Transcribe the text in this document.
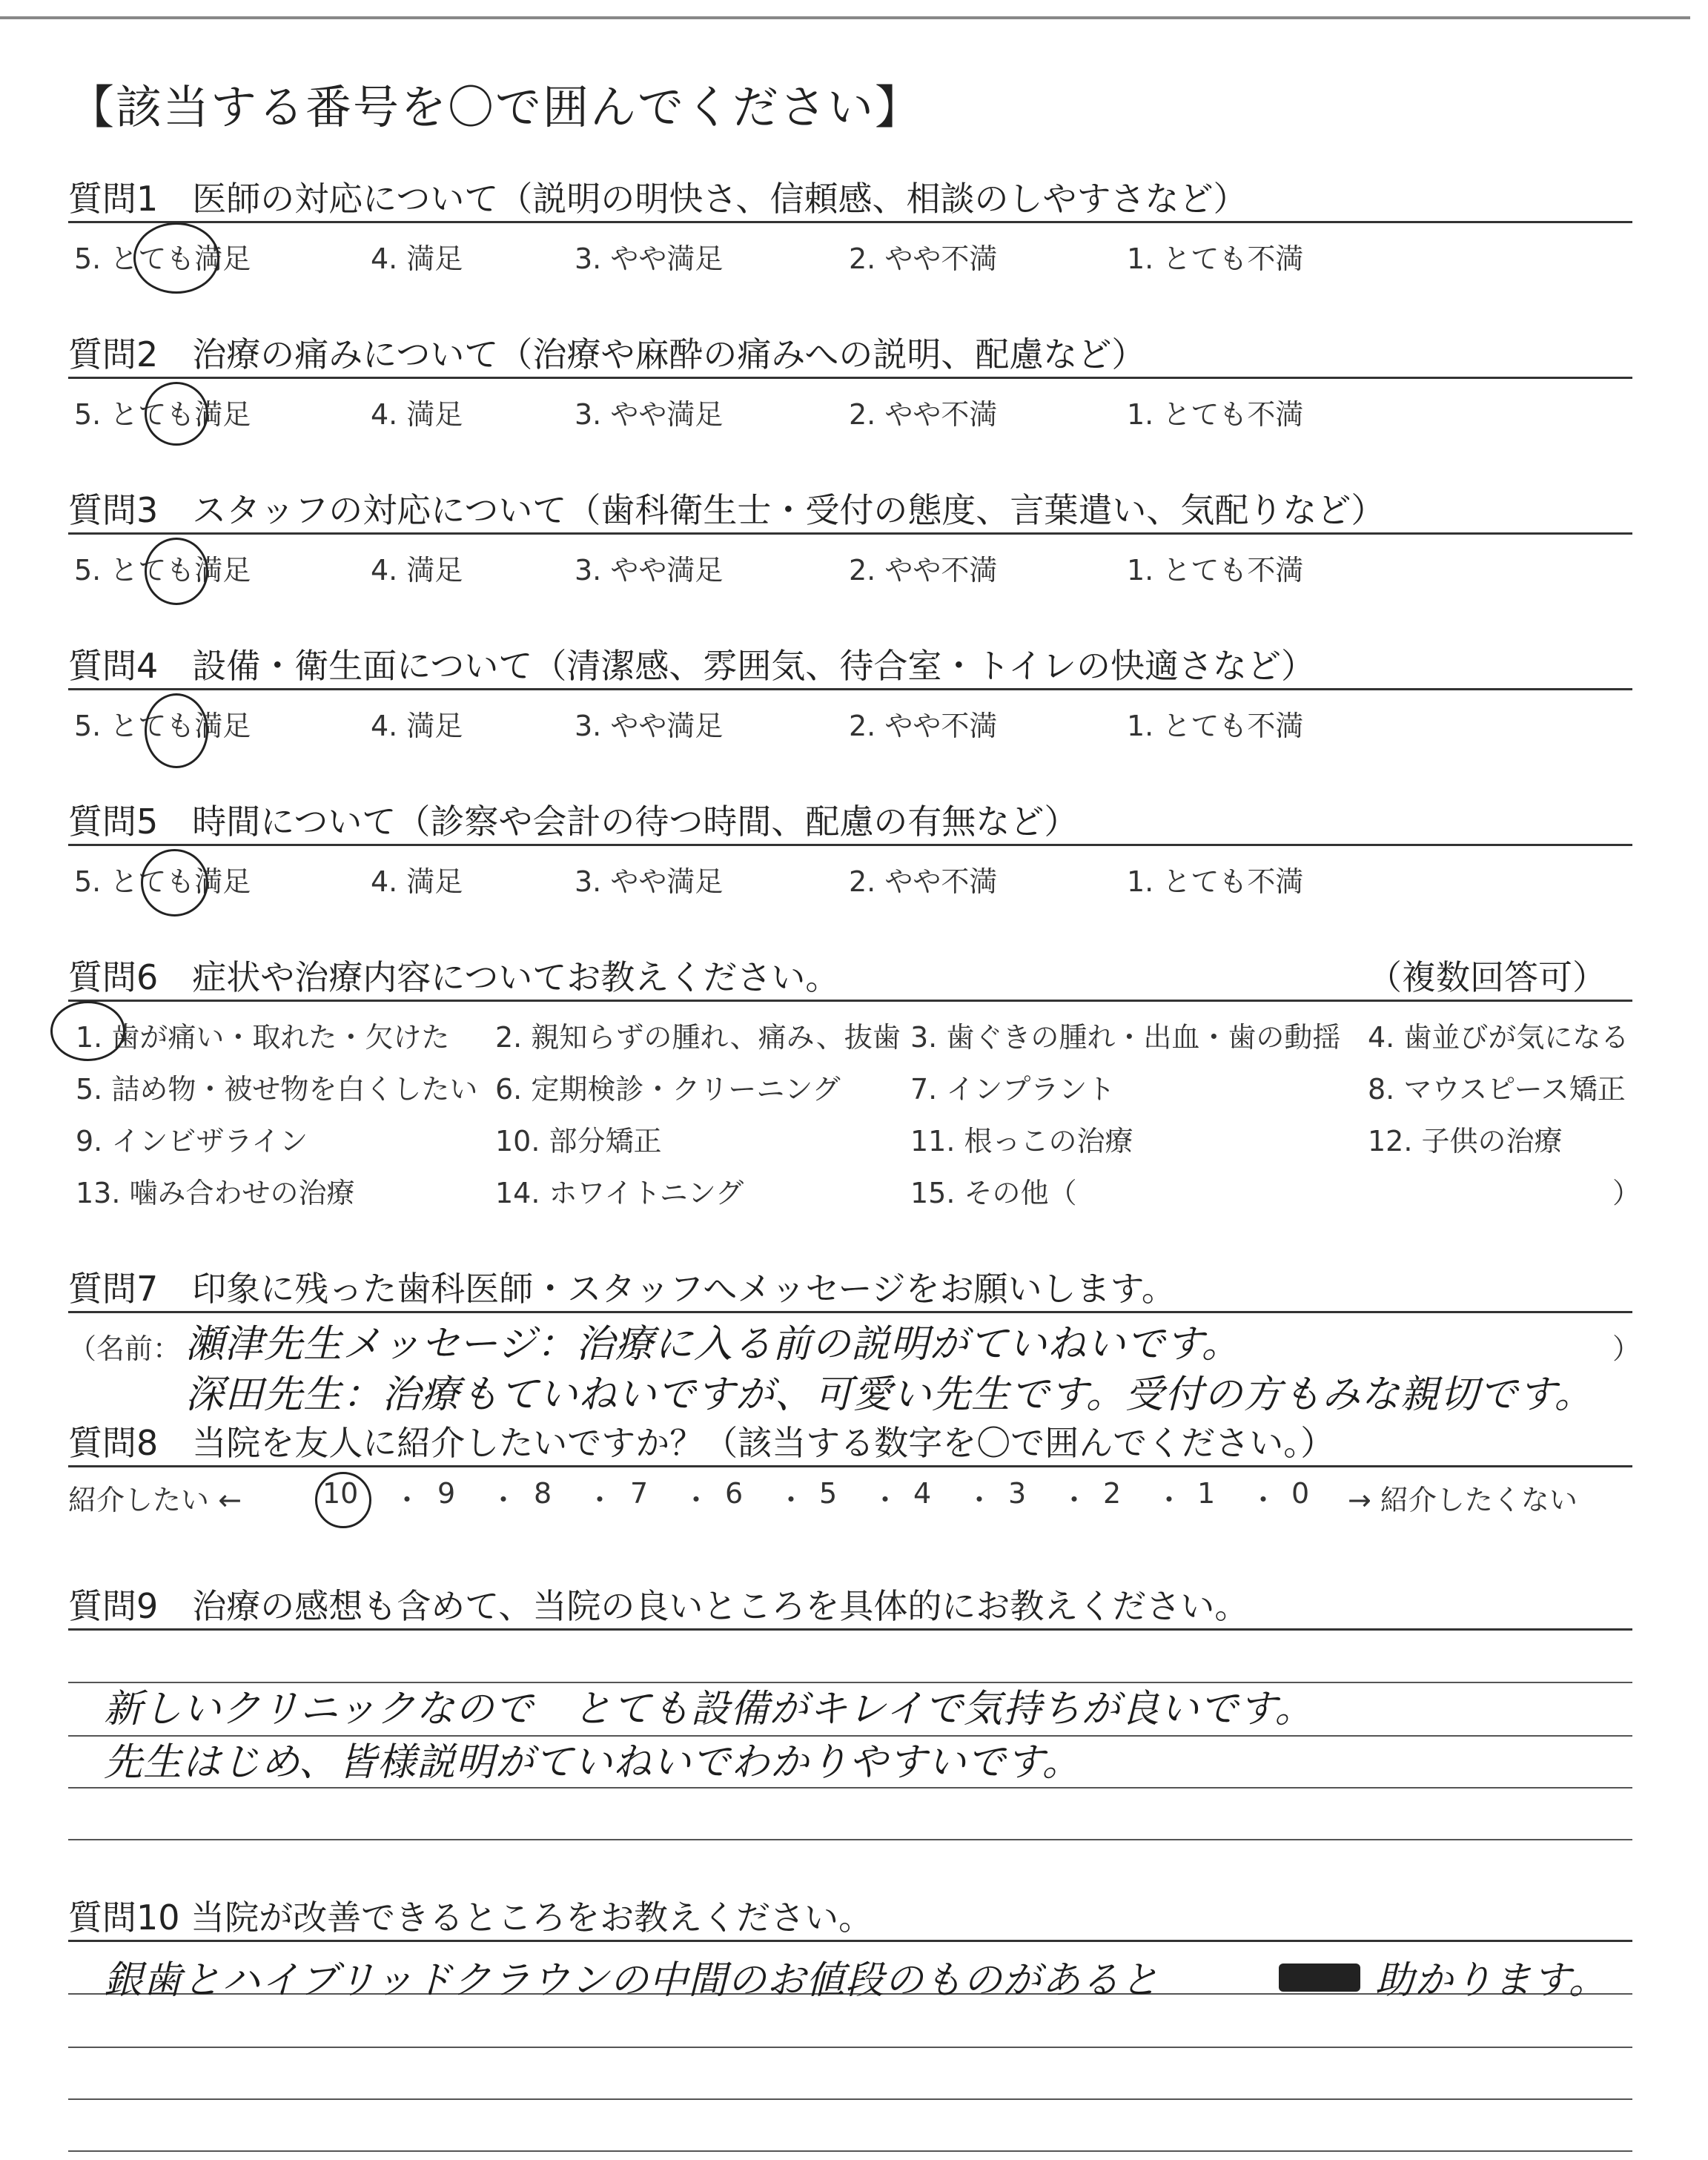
【該当する番号を〇で囲んでください】
質問1　医師の対応について（説明の明快さ、信頼感、相談のしやすさなど）
5. とても満足	4. 満足	3. やや満足	2. やや不満	1. とても不満
質問2　治療の痛みについて（治療や麻酔の痛みへの説明、配慮など）
5. とても満足	4. 満足	3. やや満足	2. やや不満	1. とても不満
質問3　スタッフの対応について（歯科衛生士・受付の態度、言葉遣い、気配りなど）
5. とても満足	4. 満足	3. やや満足	2. やや不満	1. とても不満
質問4　設備・衛生面について（清潔感、雰囲気、待合室・トイレの快適さなど）
5. とても満足	4. 満足	3. やや満足	2. やや不満	1. とても不満
質問5　時間について（診察や会計の待つ時間、配慮の有無など）
5. とても満足	4. 満足	3. やや満足	2. やや不満	1. とても不満
質問6　症状や治療内容についてお教えください。	（複数回答可）
1. 歯が痛い・取れた・欠けた 2. 親知らずの腫れ、痛み、抜歯 3. 歯ぐきの腫れ・出血・歯の動揺 4. 歯並びが気になる
5. 詰め物・被せ物を白くしたい 6. 定期検診・クリーニング 7. インプラント	8. マウスピース矯正
9. インビザライン	10. 部分矯正	11. 根っこの治療	12. 子供の治療
13. 噛み合わせの治療	14. ホワイトニング	15. その他（	）
質問7　印象に残った歯科医師・スタッフへメッセージをお願いします。
（名前：	）
瀬津先生メッセージ：治療に入る前の説明がていねいです。
深田先生：治療もていねいですが、可愛い先生です。受付の方もみな親切です。
質問8　当院を友人に紹介したいですか？（該当する数字を〇で囲んでください。）
紹介したい ←	10 ・ 9 ・ 8 ・ 7 ・ 6 ・ 5 ・ 4 ・ 3 ・ 2 ・ 1 ・ 0 → 紹介したくない
質問9　治療の感想も含めて、当院の良いところを具体的にお教えください。
新しいクリニックなので　とても設備がキレイで気持ちが良いです。
先生はじめ、皆様説明がていねいでわかりやすいです。
質問10 当院が改善できるところをお教えください。
銀歯とハイブリッドクラウンの中間のお値段のものがあると	助かります。
